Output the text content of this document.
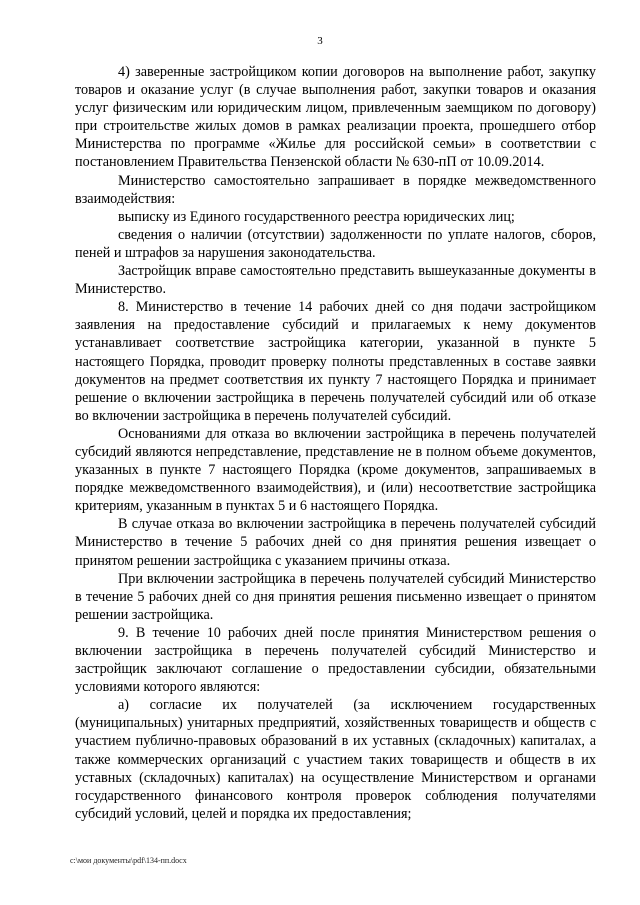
3

4) заверенные застройщиком копии договоров на выполнение работ, закупку товаров и оказание услуг (в случае выполнения работ, закупки товаров и оказания услуг физическим или юридическим лицом, привлеченным заемщиком по договору) при строительстве жилых домов в рамках реализации проекта, прошедшего отбор Министерства по программе «Жилье для российской семьи» в соответствии с постановлением Правительства Пензенской области № 630-пП от 10.09.2014.

Министерство самостоятельно запрашивает в порядке межведомственного взаимодействия:

выписку из Единого государственного реестра юридических лиц;

сведения о наличии (отсутствии) задолженности по уплате налогов, сборов, пеней и штрафов за нарушения законодательства.

Застройщик вправе самостоятельно представить вышеуказанные документы в Министерство.

8. Министерство в течение 14 рабочих дней со дня подачи застройщиком заявления на предоставление субсидий и прилагаемых к нему документов устанавливает соответствие застройщика категории, указанной в пункте 5 настоящего Порядка, проводит проверку полноты представленных в составе заявки документов на предмет соответствия их пункту 7 настоящего Порядка и принимает решение о включении застройщика в перечень получателей субсидий или об отказе во включении застройщика в перечень получателей субсидий.

Основаниями для отказа во включении застройщика в перечень получателей субсидий являются непредставление, представление не в полном объеме документов, указанных в пункте 7 настоящего Порядка (кроме документов, запрашиваемых в порядке межведомственного взаимодействия), и (или) несоответствие застройщика критериям, указанным в пунктах 5 и 6 настоящего Порядка.

В случае отказа во включении застройщика в перечень получателей субсидий Министерство в течение 5 рабочих дней со дня принятия решения извещает о принятом решении застройщика с указанием причины отказа.

При включении застройщика в перечень получателей субсидий Министерство в течение 5 рабочих дней со дня принятия решения письменно извещает о принятом решении застройщика.

9. В течение 10 рабочих дней после принятия Министерством решения о включении застройщика в перечень получателей субсидий Министерство и застройщик заключают соглашение о предоставлении субсидии, обязательными условиями которого являются:

а) согласие их получателей (за исключением государственных (муниципальных) унитарных предприятий, хозяйственных товариществ и обществ с участием публично-правовых образований в их уставных (складочных) капиталах, а также коммерческих организаций с участием таких товариществ и обществ в их уставных (складочных) капиталах) на осуществление Министерством и органами государственного финансового контроля проверок соблюдения получателями субсидий условий, целей и порядка их предоставления;

c:\мои документы\pdf\134-пп.docx
